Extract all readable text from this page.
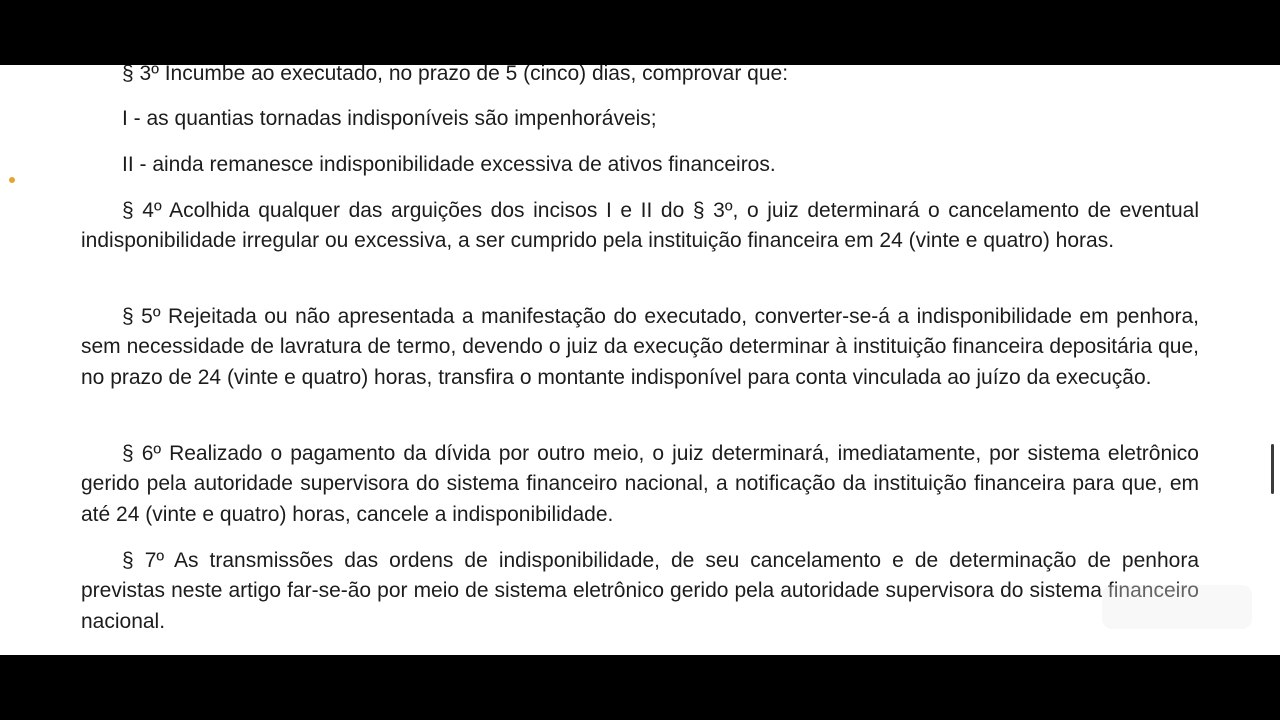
§ 3º Incumbe ao executado, no prazo de 5 (cinco) dias, comprovar que:

I - as quantias tornadas indisponíveis são impenhoráveis;

II - ainda remanesce indisponibilidade excessiva de ativos financeiros.

§ 4º Acolhida qualquer das arguições dos incisos I e II do § 3º, o juiz determinará o cancelamento de eventual indisponibilidade irregular ou excessiva, a ser cumprido pela instituição financeira em 24 (vinte e quatro) horas.

§ 5º Rejeitada ou não apresentada a manifestação do executado, converter-se-á a indisponibilidade em penhora, sem necessidade de lavratura de termo, devendo o juiz da execução determinar à instituição financeira depositária que, no prazo de 24 (vinte e quatro) horas, transfira o montante indisponível para conta vinculada ao juízo da execução.

§ 6º Realizado o pagamento da dívida por outro meio, o juiz determinará, imediatamente, por sistema eletrônico gerido pela autoridade supervisora do sistema financeiro nacional, a notificação da instituição financeira para que, em até 24 (vinte e quatro) horas, cancele a indisponibilidade.

§ 7º As transmissões das ordens de indisponibilidade, de seu cancelamento e de determinação de penhora previstas neste artigo far-se-ão por meio de sistema eletrônico gerido pela autoridade supervisora do sistema financeiro nacional.
